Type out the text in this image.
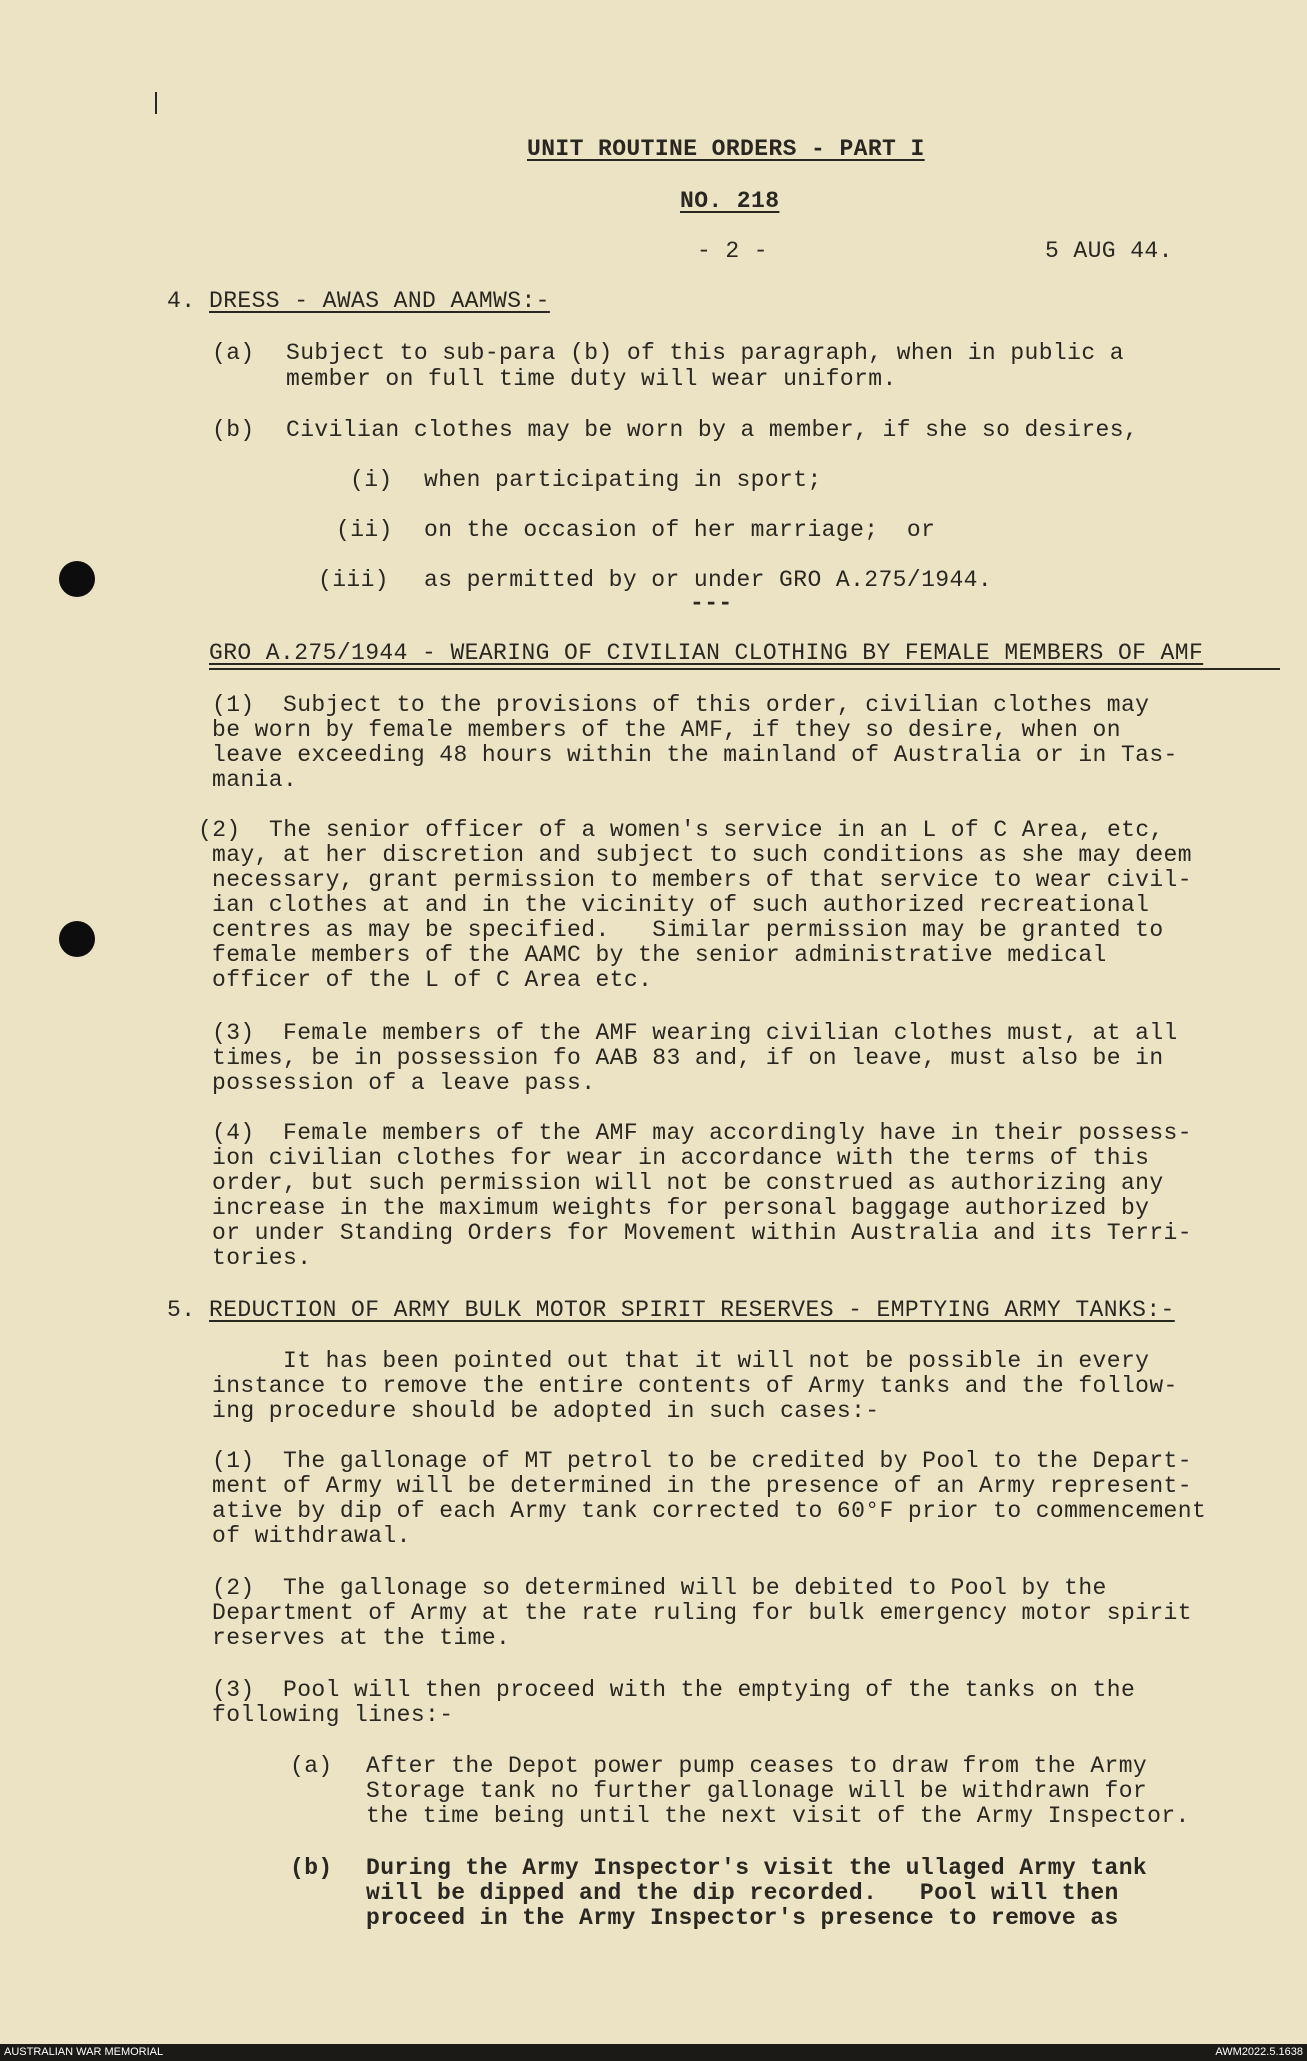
UNIT ROUTINE ORDERS - PART I
NO. 218
- 2 -	5 AUG 44.
4. DRESS - AWAS AND AAMWS:-
(a) Subject to sub-para (b) of this paragraph, when in public a
member on full time duty will wear uniform.
(b) Civilian clothes may be worn by a member, if she so desires,
(i) when participating in sport;
(ii) on the occasion of her marriage;  or
(iii) as permitted by or under GRO A.275/1944.
---
GRO A.275/1944 - WEARING OF CIVILIAN CLOTHING BY FEMALE MEMBERS OF AMF
(1)  Subject to the provisions of this order, civilian clothes may
be worn by female members of the AMF, if they so desire, when on
leave exceeding 48 hours within the mainland of Australia or in Tas-
mania.
(2)  The senior officer of a women's service in an L of C Area, etc,
may, at her discretion and subject to such conditions as she may deem
necessary, grant permission to members of that service to wear civil-
ian clothes at and in the vicinity of such authorized recreational
centres as may be specified.   Similar permission may be granted to
female members of the AAMC by the senior administrative medical
officer of the L of C Area etc.
(3)  Female members of the AMF wearing civilian clothes must, at all
times, be in possession fo AAB 83 and, if on leave, must also be in
possession of a leave pass.
(4)  Female members of the AMF may accordingly have in their possess-
ion civilian clothes for wear in accordance with the terms of this
order, but such permission will not be construed as authorizing any
increase in the maximum weights for personal baggage authorized by
or under Standing Orders for Movement within Australia and its Terri-
tories.
5. REDUCTION OF ARMY BULK MOTOR SPIRIT RESERVES - EMPTYING ARMY TANKS:-
It has been pointed out that it will not be possible in every
instance to remove the entire contents of Army tanks and the follow-
ing procedure should be adopted in such cases:-
(1)  The gallonage of MT petrol to be credited by Pool to the Depart-
ment of Army will be determined in the presence of an Army represent-
ative by dip of each Army tank corrected to 60°F prior to commencement
of withdrawal.
(2)  The gallonage so determined will be debited to Pool by the
Department of Army at the rate ruling for bulk emergency motor spirit
reserves at the time.
(3)  Pool will then proceed with the emptying of the tanks on the
following lines:-
(a) After the Depot power pump ceases to draw from the Army
Storage tank no further gallonage will be withdrawn for
the time being until the next visit of the Army Inspector.
(b) During the Army Inspector's visit the ullaged Army tank
will be dipped and the dip recorded.   Pool will then
proceed in the Army Inspector's presence to remove as
AUSTRALIAN WAR MEMORIAL	AWM2022.5.1638
